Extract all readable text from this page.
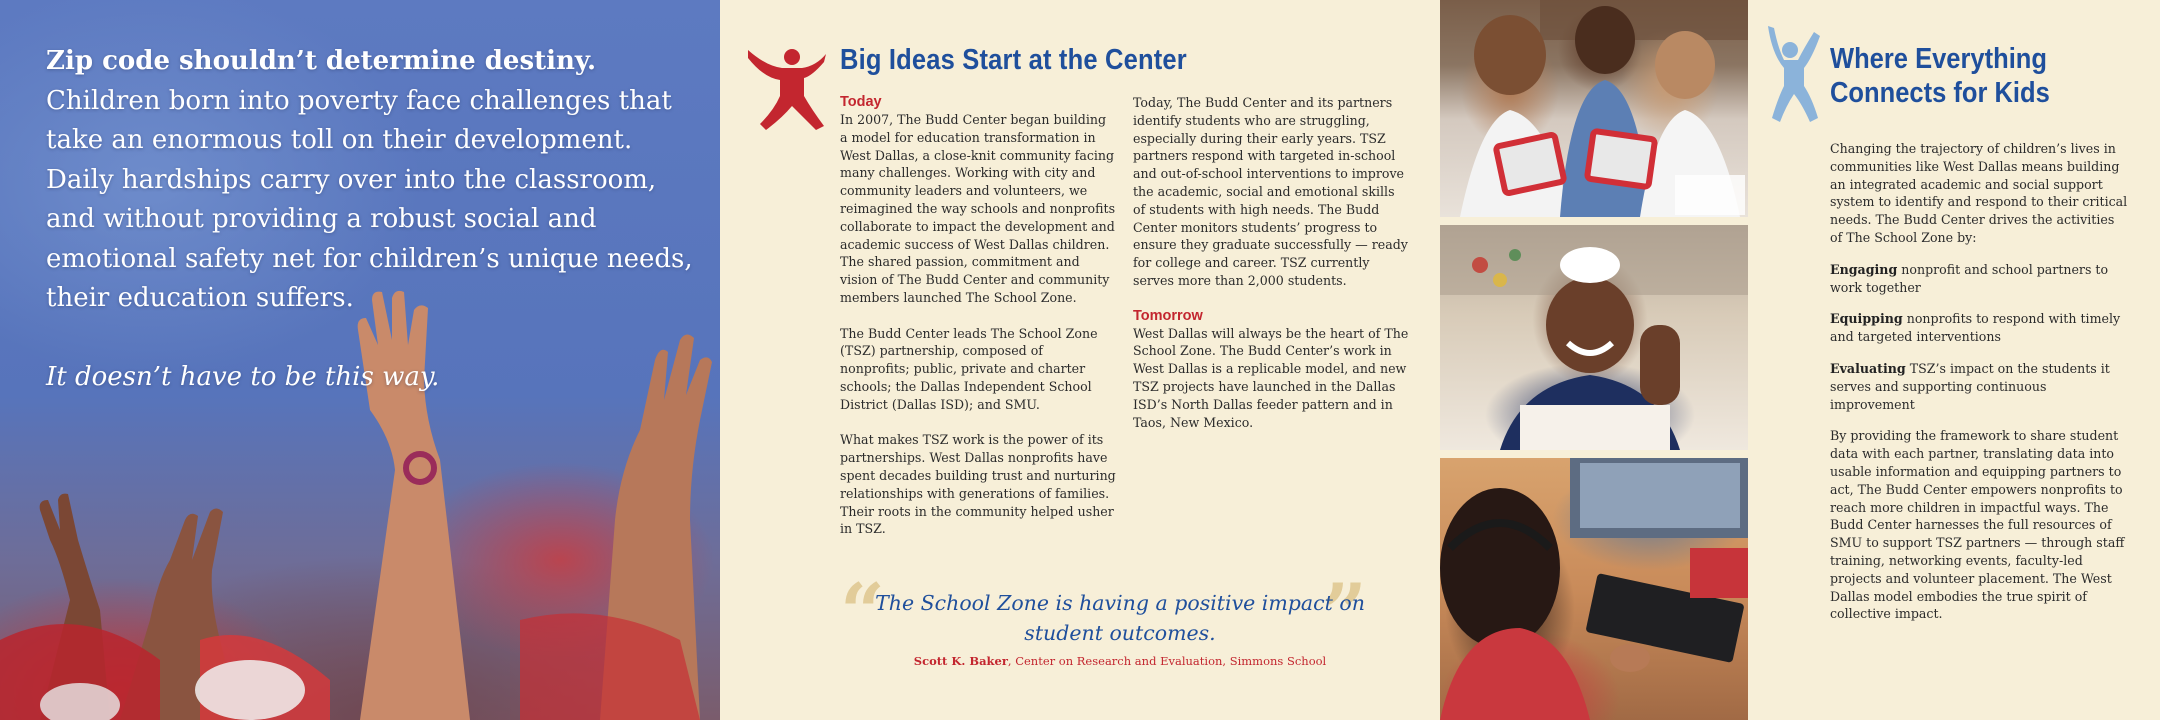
Zip code shouldn’t determine destiny.
Children born into poverty face challenges that take an enormous toll on their development. Daily hardships carry over into the classroom, and without providing a robust social and emotional safety net for children’s unique needs, their education suffers.
It doesn’t have to be this way.
Big Ideas Start at the Center
Today

In 2007, The Budd Center began building a model for education transformation in West Dallas, a close-knit community facing many challenges. Working with city and community leaders and volunteers, we reimagined the way schools and nonprofits collaborate to impact the development and academic success of West Dallas children. The shared passion, commitment and vision of The Budd Center and community members launched The School Zone.

The Budd Center leads The School Zone (TSZ) partnership, composed of nonprofits; public, private and charter schools; the Dallas Independent School District (Dallas ISD); and SMU.

What makes TSZ work is the power of its partnerships. West Dallas nonprofits have spent decades building trust and nurturing relationships with generations of families. Their roots in the community helped usher in TSZ.

Today, The Budd Center and its partners identify students who are struggling, especially during their early years. TSZ partners respond with targeted in-school and out-of-school interventions to improve the academic, social and emotional skills of students with high needs. The Budd Center monitors students’ progress to ensure they graduate successfully — ready for college and career. TSZ currently serves more than 2,000 students.

Tomorrow

West Dallas will always be the heart of The School Zone. The Budd Center’s work in West Dallas is a replicable model, and new TSZ projects have launched in the Dallas ISD’s North Dallas feeder pattern and in Taos, New Mexico.

“	”
The School Zone is having a positive impact on student outcomes.
Scott K. Baker, Center on Research and Evaluation, Simmons School
Where Everything Connects for Kids

Changing the trajectory of children’s lives in communities like West Dallas means building an integrated academic and social support system to identify and respond to their critical needs. The Budd Center drives the activities of The School Zone by:

Engaging nonprofit and school partners to work together

Equipping nonprofits to respond with timely and targeted interventions

Evaluating TSZ’s impact on the students it serves and supporting continuous improvement

By providing the framework to share student data with each partner, translating data into usable information and equipping partners to act, The Budd Center empowers nonprofits to reach more children in impactful ways. The Budd Center harnesses the full resources of SMU to support TSZ partners — through staff training, networking events, faculty-led projects and volunteer placement. The West Dallas model embodies the true spirit of collective impact.
